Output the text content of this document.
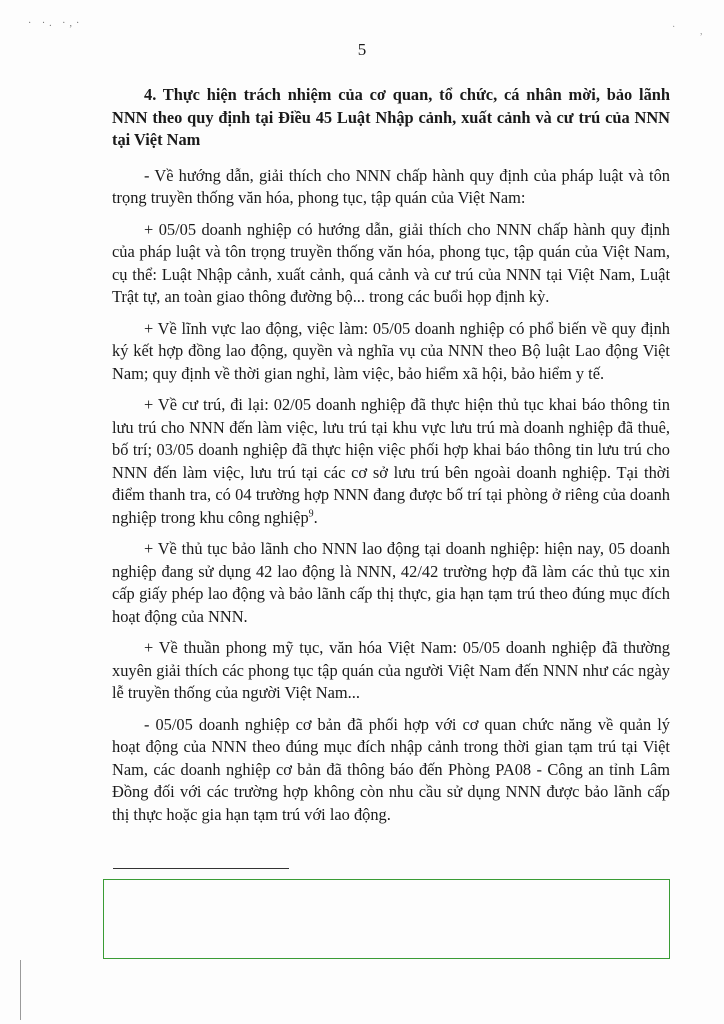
· ·. ·,·	· ,
5

4. Thực hiện trách nhiệm của cơ quan, tổ chức, cá nhân mời, bảo lãnh NNN theo quy định tại Điều 45 Luật Nhập cảnh, xuất cảnh và cư trú của NNN tại Việt Nam

- Về hướng dẫn, giải thích cho NNN chấp hành quy định của pháp luật và tôn trọng truyền thống văn hóa, phong tục, tập quán của Việt Nam:

+ 05/05 doanh nghiệp có hướng dẫn, giải thích cho NNN chấp hành quy định của pháp luật và tôn trọng truyền thống văn hóa, phong tục, tập quán của Việt Nam, cụ thể: Luật Nhập cảnh, xuất cảnh, quá cảnh và cư trú của NNN tại Việt Nam, Luật Trật tự, an toàn giao thông đường bộ... trong các buổi họp định kỳ.

+ Về lĩnh vực lao động, việc làm: 05/05 doanh nghiệp có phổ biến về quy định ký kết hợp đồng lao động, quyền và nghĩa vụ của NNN theo Bộ luật Lao động Việt Nam; quy định về thời gian nghỉ, làm việc, bảo hiểm xã hội, bảo hiểm y tế.

+ Về cư trú, đi lại: 02/05 doanh nghiệp đã thực hiện thủ tục khai báo thông tin lưu trú cho NNN đến làm việc, lưu trú tại khu vực lưu trú mà doanh nghiệp đã thuê, bố trí; 03/05 doanh nghiệp đã thực hiện việc phối hợp khai báo thông tin lưu trú cho NNN đến làm việc, lưu trú tại các cơ sở lưu trú bên ngoài doanh nghiệp. Tại thời điểm thanh tra, có 04 trường hợp NNN đang được bố trí tại phòng ở riêng của doanh nghiệp trong khu công nghiệp$^9$.

+ Về thủ tục bảo lãnh cho NNN lao động tại doanh nghiệp: hiện nay, 05 doanh nghiệp đang sử dụng 42 lao động là NNN, 42/42 trường hợp đã làm các thủ tục xin cấp giấy phép lao động và bảo lãnh cấp thị thực, gia hạn tạm trú theo đúng mục đích hoạt động của NNN.

+ Về thuần phong mỹ tục, văn hóa Việt Nam: 05/05 doanh nghiệp đã thường xuyên giải thích các phong tục tập quán của người Việt Nam đến NNN như các ngày lễ truyền thống của người Việt Nam...

- 05/05 doanh nghiệp cơ bản đã phối hợp với cơ quan chức năng về quản lý hoạt động của NNN theo đúng mục đích nhập cảnh trong thời gian tạm trú tại Việt Nam, các doanh nghiệp cơ bản đã thông báo đến Phòng PA08 - Công an tỉnh Lâm Đồng đối với các trường hợp không còn nhu cầu sử dụng NNN được bảo lãnh cấp thị thực hoặc gia hạn tạm trú với lao động.
